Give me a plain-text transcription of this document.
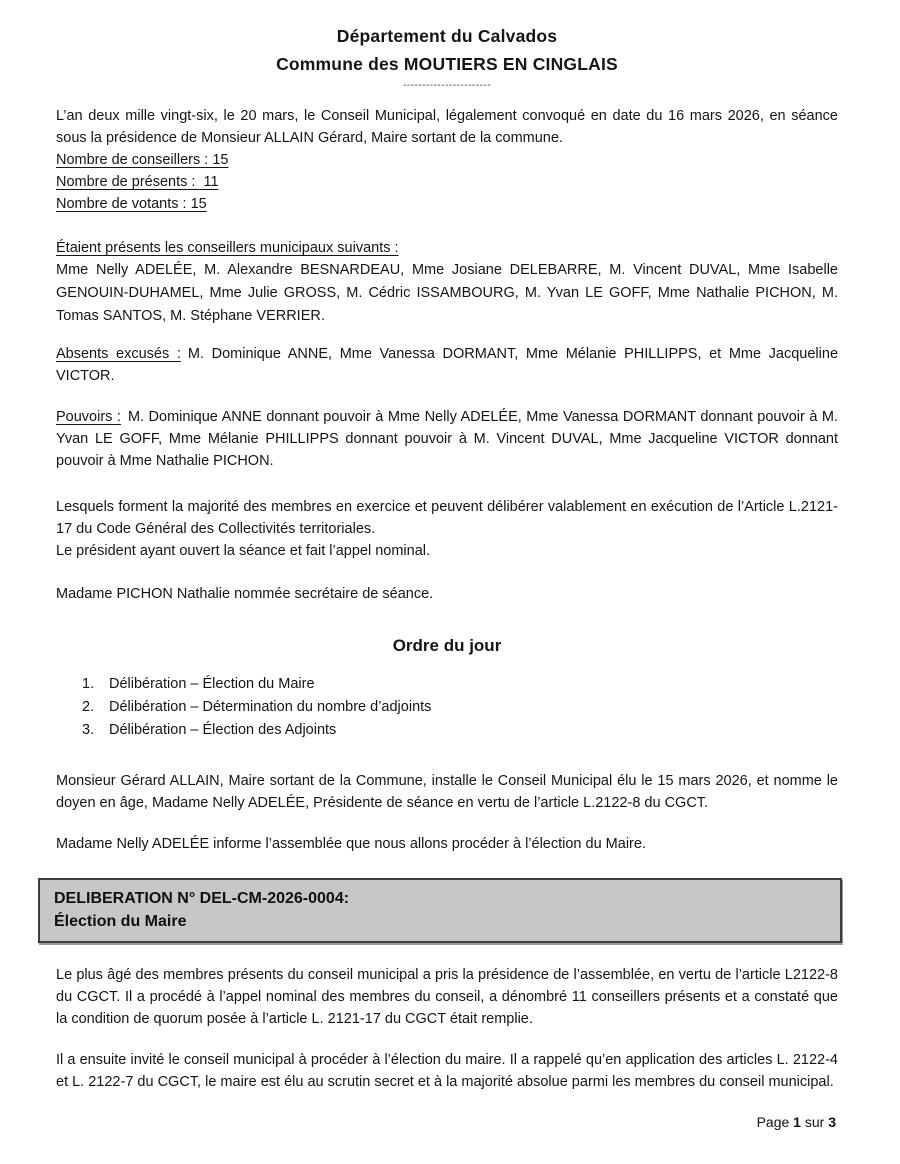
Département du Calvados
Commune des MOUTIERS EN CINGLAIS
-----------------------

L’an deux mille vingt-six, le 20 mars, le Conseil Municipal, légalement convoqué en date du 16 mars 2026, en séance sous la présidence de Monsieur ALLAIN Gérard, Maire sortant de la commune.

Nombre de conseillers : 15
Nombre de présents :  11
Nombre de votants : 15
Étaient présents les conseillers municipaux suivants :

Mme Nelly ADELÉE, M. Alexandre BESNARDEAU, Mme Josiane DELEBARRE, M. Vincent DUVAL, Mme Isabelle GENOUIN-DUHAMEL, Mme Julie GROSS, M. Cédric ISSAMBOURG, M. Yvan LE GOFF, Mme Nathalie PICHON, M. Tomas SANTOS, M. Stéphane VERRIER.

Absents excusés : M. Dominique ANNE, Mme Vanessa DORMANT, Mme Mélanie PHILLIPPS, et Mme Jacqueline VICTOR.

Pouvoirs : M. Dominique ANNE donnant pouvoir à Mme Nelly ADELÉE, Mme Vanessa DORMANT donnant pouvoir à M. Yvan LE GOFF, Mme Mélanie PHILLIPPS donnant pouvoir à M. Vincent DUVAL, Mme Jacqueline VICTOR donnant pouvoir à Mme Nathalie PICHON.

Lesquels forment la majorité des membres en exercice et peuvent délibérer valablement en exécution de l’Article L.2121-17 du Code Général des Collectivités territoriales.

Le président ayant ouvert la séance et fait l’appel nominal.

Madame PICHON Nathalie nommée secrétaire de séance.

Ordre du jour
1.	Délibération – Élection du Maire
2.	Délibération – Détermination du nombre d’adjoints
3.	Délibération – Élection des Adjoints

Monsieur Gérard ALLAIN, Maire sortant de la Commune, installe le Conseil Municipal élu le 15 mars 2026, et nomme le doyen en âge, Madame Nelly ADELÉE, Présidente de séance en vertu de l’article L.2122-8 du CGCT.

Madame Nelly ADELÉE informe l’assemblée que nous allons procéder à l’élection du Maire.

DELIBERATION N° DEL-CM-2026-0004:
Élection du Maire

Le plus âgé des membres présents du conseil municipal a pris la présidence de l’assemblée, en vertu de l’article L2122-8 du CGCT. Il a procédé à l’appel nominal des membres du conseil, a dénombré 11 conseillers présents et a constaté que la condition de quorum posée à l’article L. 2121-17 du CGCT était remplie.

Il a ensuite invité le conseil municipal à procéder à l’élection du maire. Il a rappelé qu’en application des articles L. 2122-4 et L. 2122-7 du CGCT, le maire est élu au scrutin secret et à la majorité absolue parmi les membres du conseil municipal.

Page 1 sur 3
